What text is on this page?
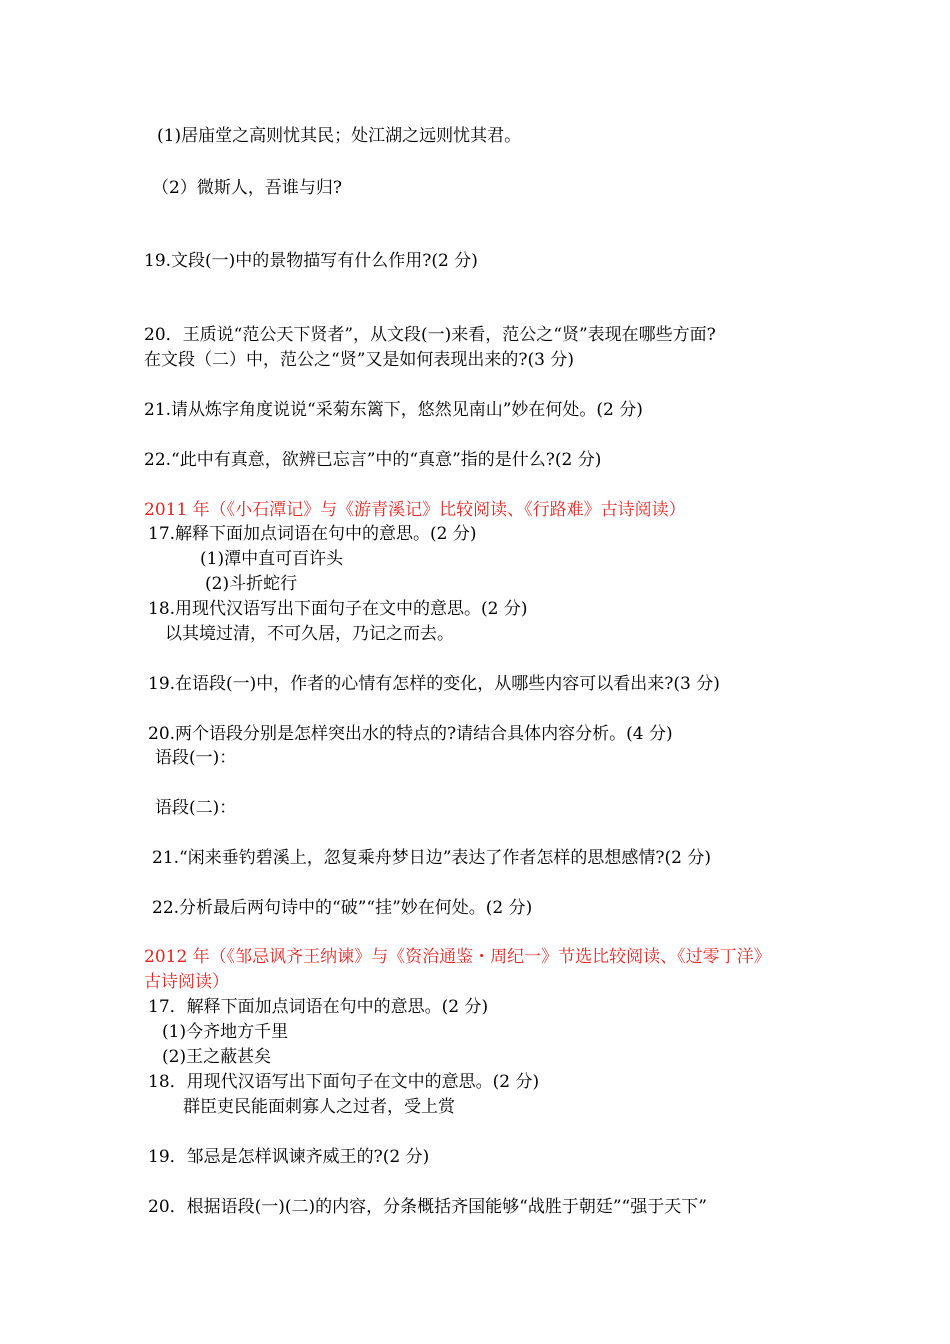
(1)居庙堂之高则忧其民；处江湖之远则忧其君。
（2）微斯人，吾谁与归?
19.文段(一)中的景物描写有什么作用?(2 分)
20．王质说“范公天下贤者”，从文段(一)来看，范公之“贤”表现在哪些方面?
在文段（二）中，范公之“贤”又是如何表现出来的?(3 分)
21.请从炼字角度说说“采菊东篱下，悠然见南山”妙在何处。(2 分)
22.“此中有真意，欲辨已忘言”中的“真意”指的是什么?(2 分)
2011 年（《小石潭记》与《游青溪记》比较阅读、《行路难》古诗阅读）
17.解释下面加点词语在句中的意思。(2 分)
(1)潭中直可百许头
(2)斗折蛇行
18.用现代汉语写出下面句子在文中的意思。(2 分)
以其境过清，不可久居，乃记之而去。
19.在语段(一)中，作者的心情有怎样的变化，从哪些内容可以看出来?(3 分)
20.两个语段分别是怎样突出水的特点的?请结合具体内容分析。(4 分)
语段(一)：
语段(二)：
21.“闲来垂钓碧溪上，忽复乘舟梦日边”表达了作者怎样的思想感情?(2 分)
22.分析最后两句诗中的“破”“挂”妙在何处。(2 分)
2012 年（《邹忌讽齐王纳谏》与《资治通鉴・周纪一》节选比较阅读、《过零丁洋》
古诗阅读）
17．解释下面加点词语在句中的意思。(2 分)
(1)今齐地方千里
(2)王之蔽甚矣
18．用现代汉语写出下面句子在文中的意思。(2 分)
群臣吏民能面刺寡人之过者，受上赏
19．邹忌是怎样讽谏齐威王的?(2 分)
20．根据语段(一)(二)的内容，分条概括齐国能够“战胜于朝廷”“强于天下”
